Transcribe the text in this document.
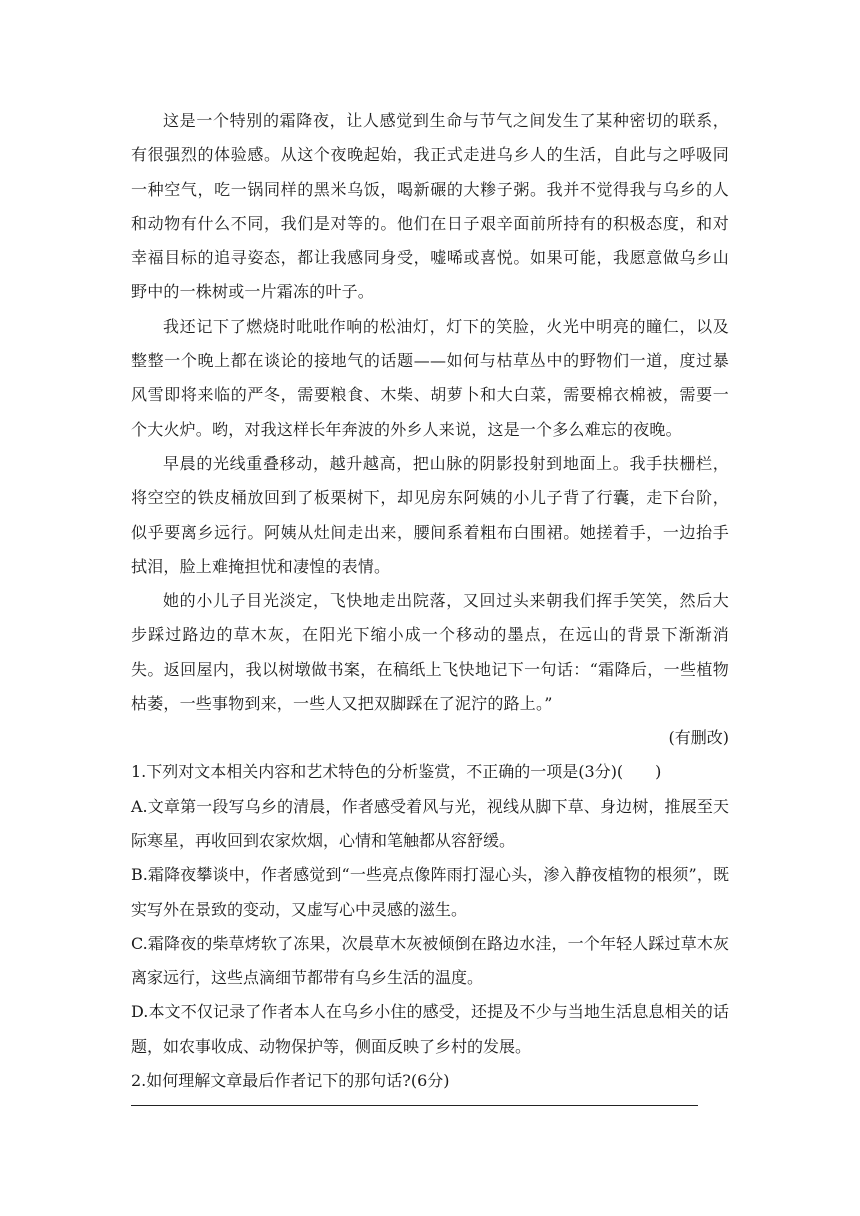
这是一个特别的霜降夜，让人感觉到生命与节气之间发生了某种密切的联系，有很强烈的体验感。从这个夜晚起始，我正式走进乌乡人的生活，自此与之呼吸同一种空气，吃一锅同样的黑米乌饭，喝新碾的大糁子粥。我并不觉得我与乌乡的人和动物有什么不同，我们是对等的。他们在日子艰辛面前所持有的积极态度，和对幸福目标的追寻姿态，都让我感同身受，嘘唏或喜悦。如果可能，我愿意做乌乡山野中的一株树或一片霜冻的叶子。

我还记下了燃烧时吡吡作响的松油灯，灯下的笑脸，火光中明亮的瞳仁，以及整整一个晚上都在谈论的接地气的话题——如何与枯草丛中的野物们一道，度过暴风雪即将来临的严冬，需要粮食、木柴、胡萝卜和大白菜，需要棉衣棉被，需要一个大火炉。哟，对我这样长年奔波的外乡人来说，这是一个多么难忘的夜晚。

早晨的光线重叠移动，越升越高，把山脉的阴影投射到地面上。我手扶栅栏，将空空的铁皮桶放回到了板栗树下，却见房东阿姨的小儿子背了行囊，走下台阶，似乎要离乡远行。阿姨从灶间走出来，腰间系着粗布白围裙。她搓着手，一边抬手拭泪，脸上难掩担忧和凄惶的表情。

她的小儿子目光淡定，飞快地走出院落，又回过头来朝我们挥手笑笑，然后大步踩过路边的草木灰，在阳光下缩小成一个移动的墨点，在远山的背景下渐渐消失。返回屋内，我以树墩做书案，在稿纸上飞快地记下一句话：“霜降后，一些植物枯萎，一些事物到来，一些人又把双脚踩在了泥泞的路上。”

(有删改)

1.下列对文本相关内容和艺术特色的分析鉴赏，不正确的一项是(3分)(　　)

A.文章第一段写乌乡的清晨，作者感受着风与光，视线从脚下草、身边树，推展至天际寒星，再收回到农家炊烟，心情和笔触都从容舒缓。

B.霜降夜攀谈中，作者感觉到“一些亮点像阵雨打湿心头，渗入静夜植物的根须”，既实写外在景致的变动，又虚写心中灵感的滋生。

C.霜降夜的柴草烤软了冻果，次晨草木灰被倾倒在路边水洼，一个年轻人踩过草木灰离家远行，这些点滴细节都带有乌乡生活的温度。

D.本文不仅记录了作者本人在乌乡小住的感受，还提及不少与当地生活息息相关的话题，如农事收成、动物保护等，侧面反映了乡村的发展。

2.如何理解文章最后作者记下的那句话?(6分)
